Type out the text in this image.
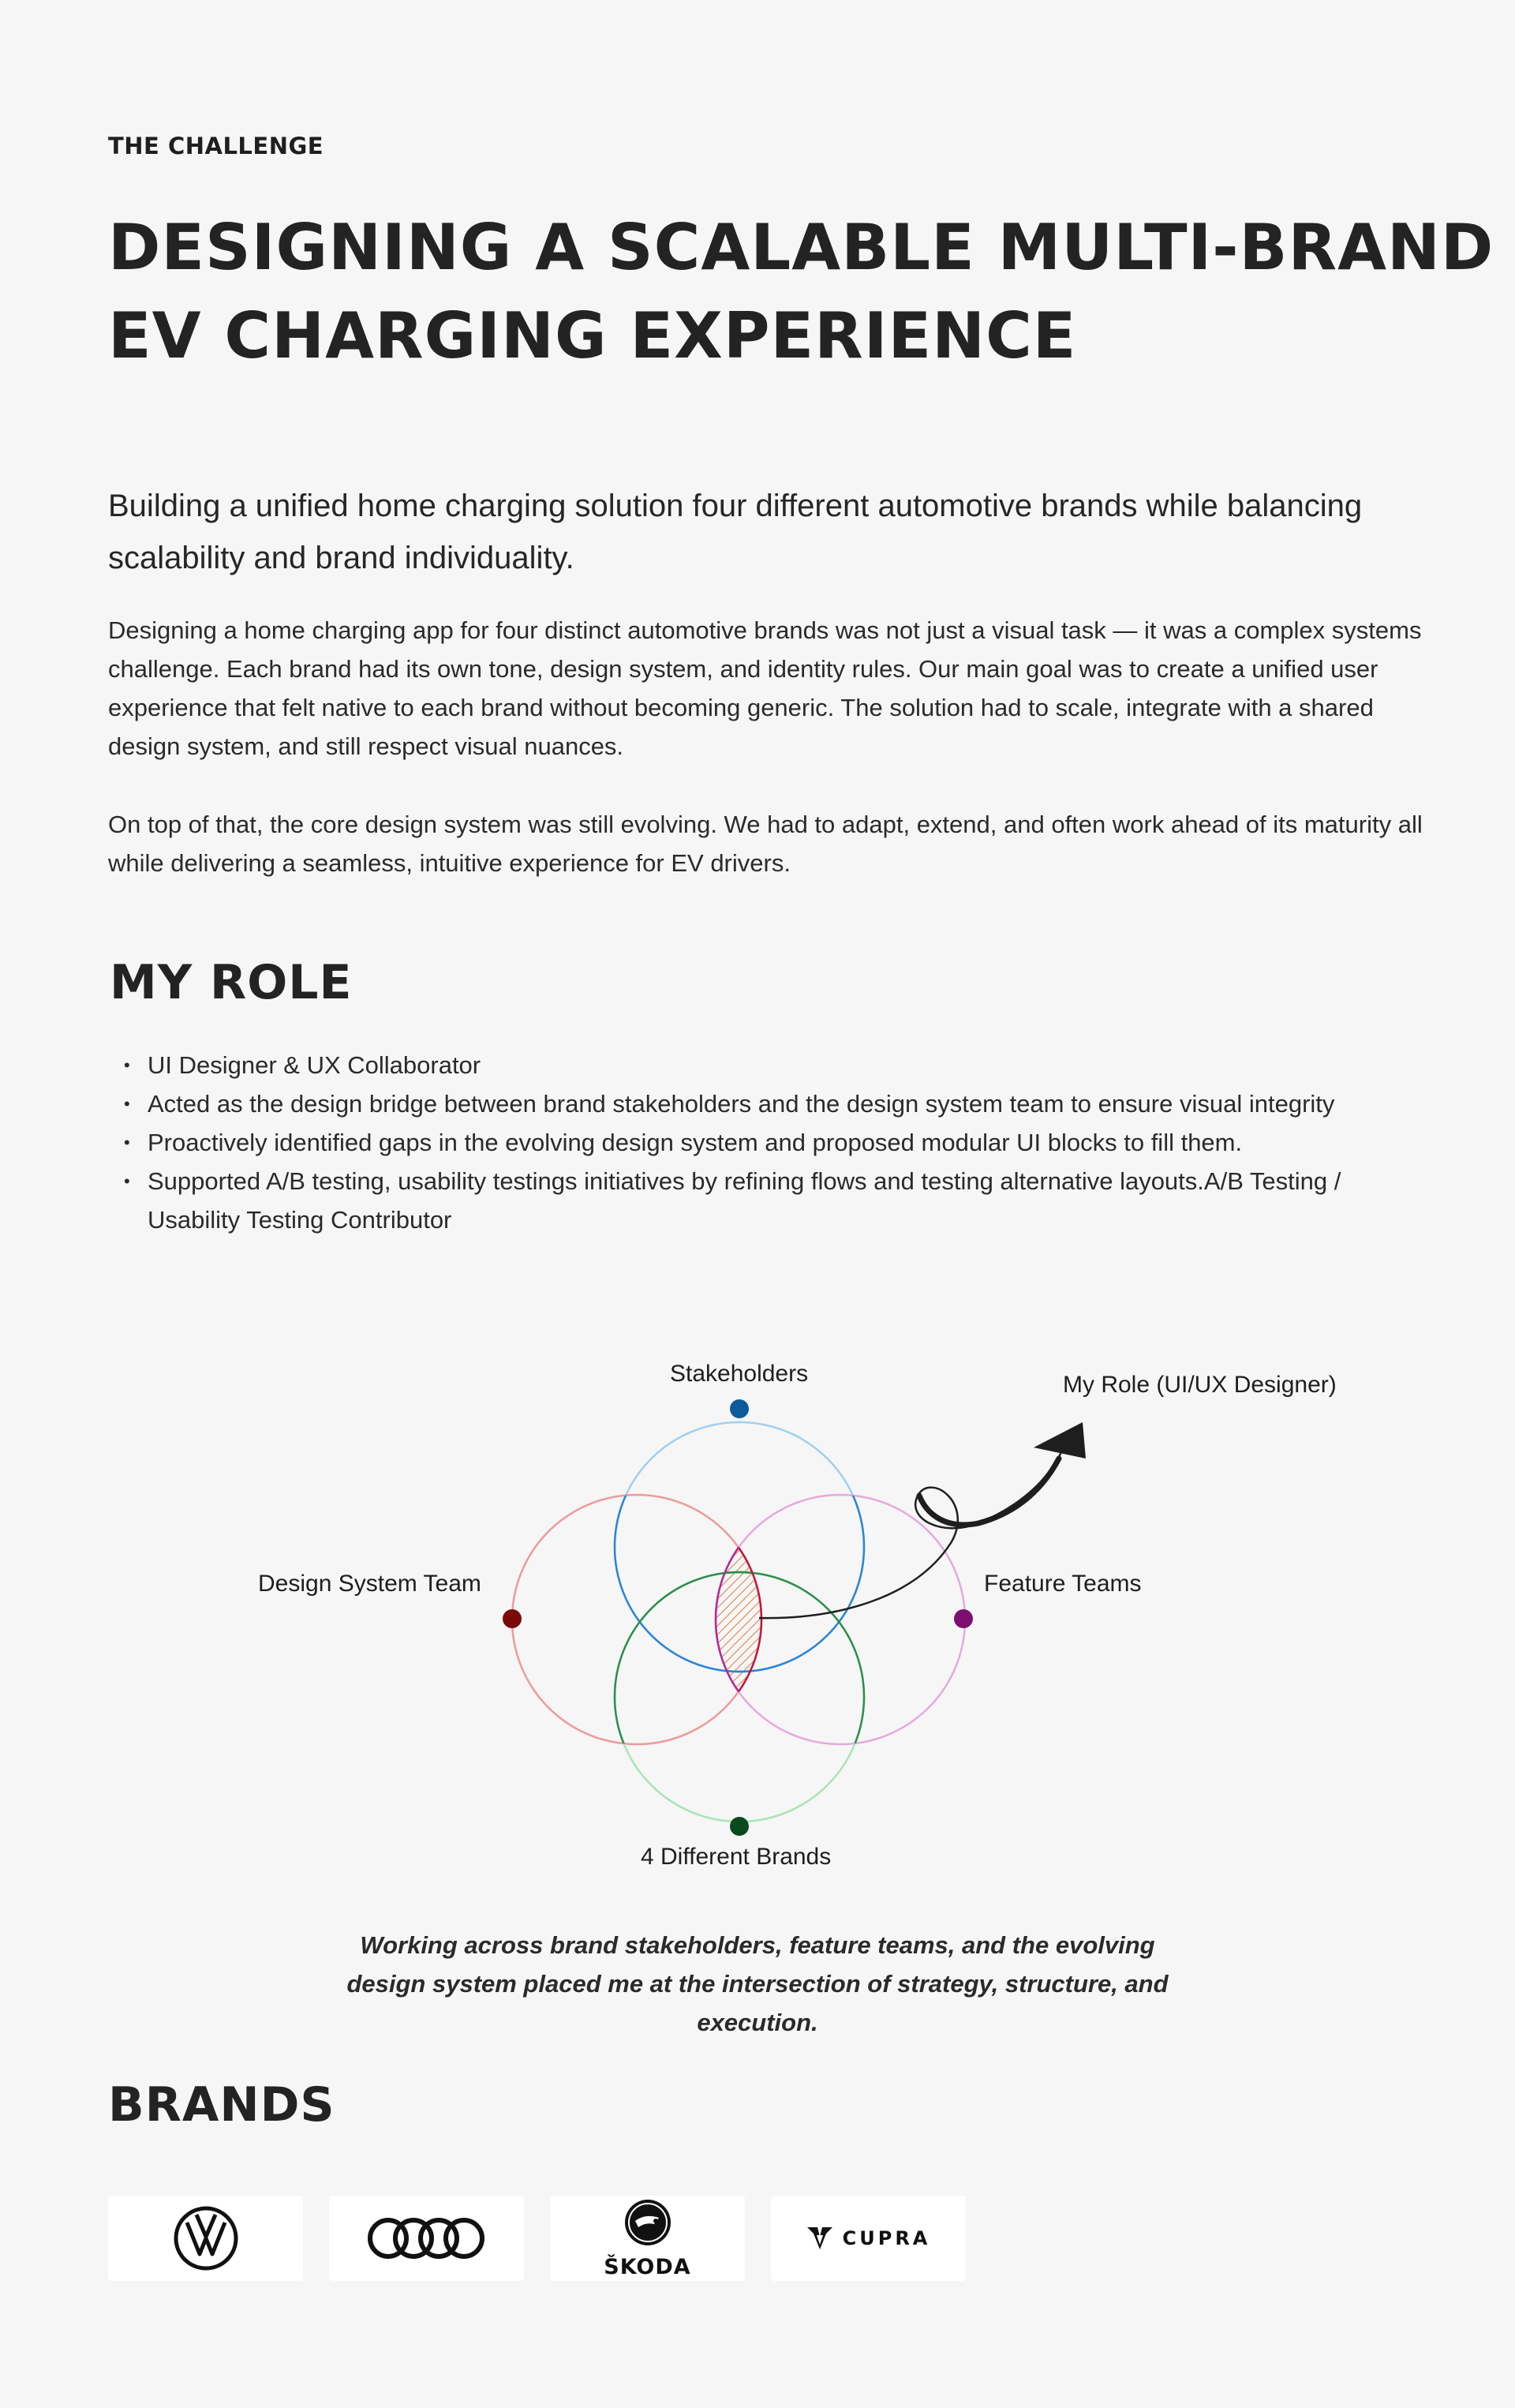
THE CHALLENGE
DESIGNING A SCALABLE MULTI-BRAND
EV CHARGING EXPERIENCE

Building a unified home charging solution four different automotive brands while balancing scalability and brand individuality.

Designing a home charging app for four distinct automotive brands was not just a visual task — it was a complex systems challenge. Each brand had its own tone, design system, and identity rules. Our main goal was to create a unified user experience that felt native to each brand without becoming generic. The solution had to scale, integrate with a shared design system, and still respect visual nuances.

On top of that, the core design system was still evolving. We had to adapt, extend, and often work ahead of its maturity all while delivering a seamless, intuitive experience for EV drivers.

MY ROLE
• UI Designer & UX Collaborator
• Acted as the design bridge between brand stakeholders and the design system team to ensure visual integrity
• Proactively identified gaps in the evolving design system and proposed modular UI blocks to fill them.
• Supported A/B testing, usability testings initiatives by refining flows and testing alternative layouts.A/B Testing / Usability Testing Contributor
Stakeholders	My Role (UI/UX Designer)
Design System Team	Feature Teams
4 Different Brands

Working across brand stakeholders, feature teams, and the evolving design system placed me at the intersection of strategy, structure, and execution.

BRANDS
ŠKODA
CUPRA
